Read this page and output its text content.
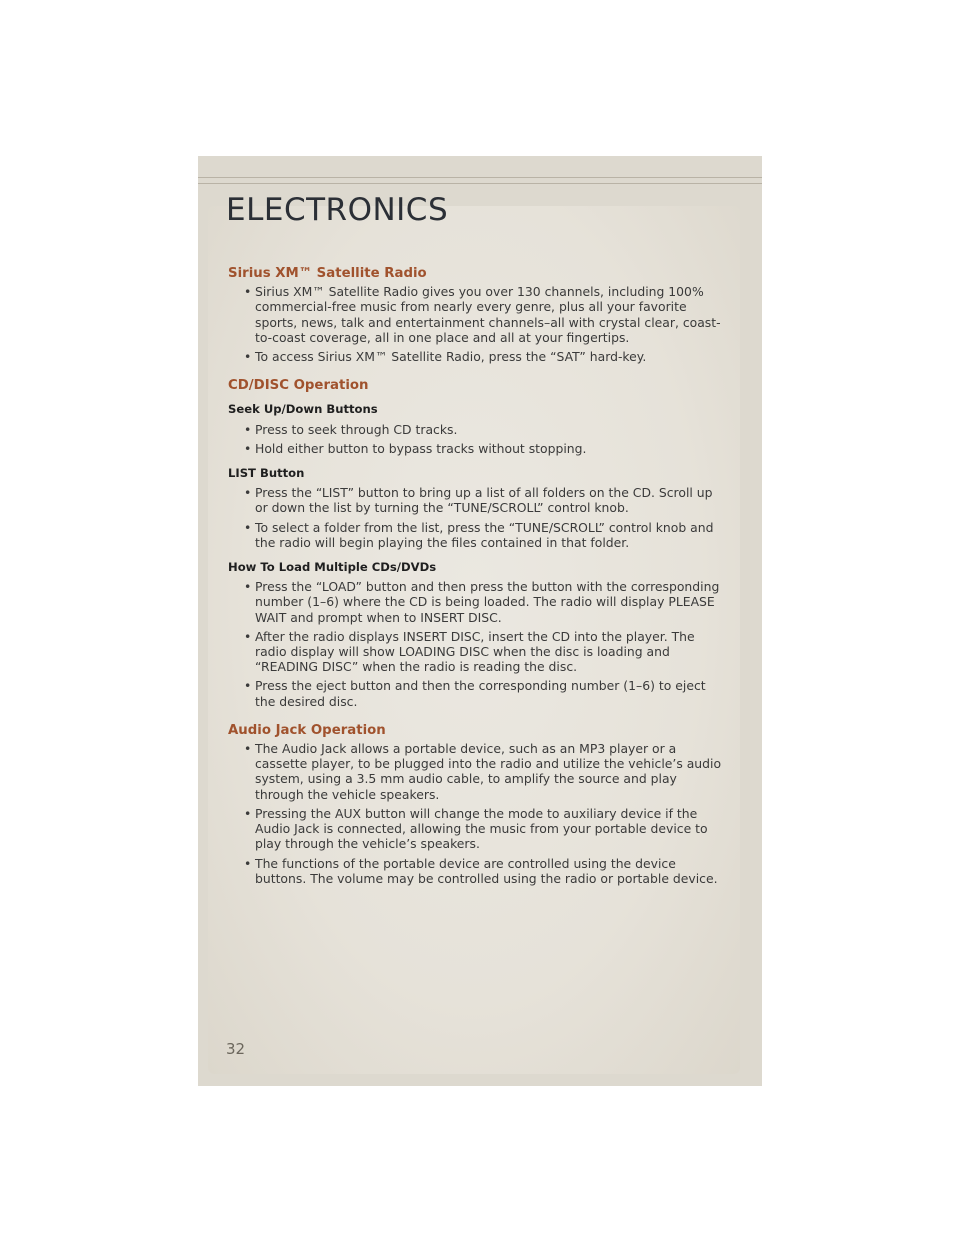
ELECTRONICS
Sirius XM™ Satellite Radio
• Sirius XM™ Satellite Radio gives you over 130 channels, including 100% commercial-free music from nearly every genre, plus all your favorite sports, news, talk and entertainment channels–all with crystal clear, coast-to-coast coverage, all in one place and all at your fingertips.
• To access Sirius XM™ Satellite Radio, press the “SAT” hard-key.
CD/DISC Operation
Seek Up/Down Buttons
• Press to seek through CD tracks.
• Hold either button to bypass tracks without stopping.
LIST Button
• Press the “LIST” button to bring up a list of all folders on the CD. Scroll up or down the list by turning the “TUNE/SCROLL” control knob.
• To select a folder from the list, press the “TUNE/SCROLL” control knob and the radio will begin playing the files contained in that folder.
How To Load Multiple CDs/DVDs
• Press the “LOAD” button and then press the button with the corresponding number (1–6) where the CD is being loaded. The radio will display PLEASE WAIT and prompt when to INSERT DISC.
• After the radio displays INSERT DISC, insert the CD into the player. The radio display will show LOADING DISC when the disc is loading and “READING DISC” when the radio is reading the disc.
• Press the eject button and then the corresponding number (1–6) to eject the desired disc.
Audio Jack Operation
• The Audio Jack allows a portable device, such as an MP3 player or a cassette player, to be plugged into the radio and utilize the vehicle’s audio system, using a 3.5 mm audio cable, to amplify the source and play through the vehicle speakers.
• Pressing the AUX button will change the mode to auxiliary device if the Audio Jack is connected, allowing the music from your portable device to play through the vehicle’s speakers.
• The functions of the portable device are controlled using the device buttons. The volume may be controlled using the radio or portable device.
32
